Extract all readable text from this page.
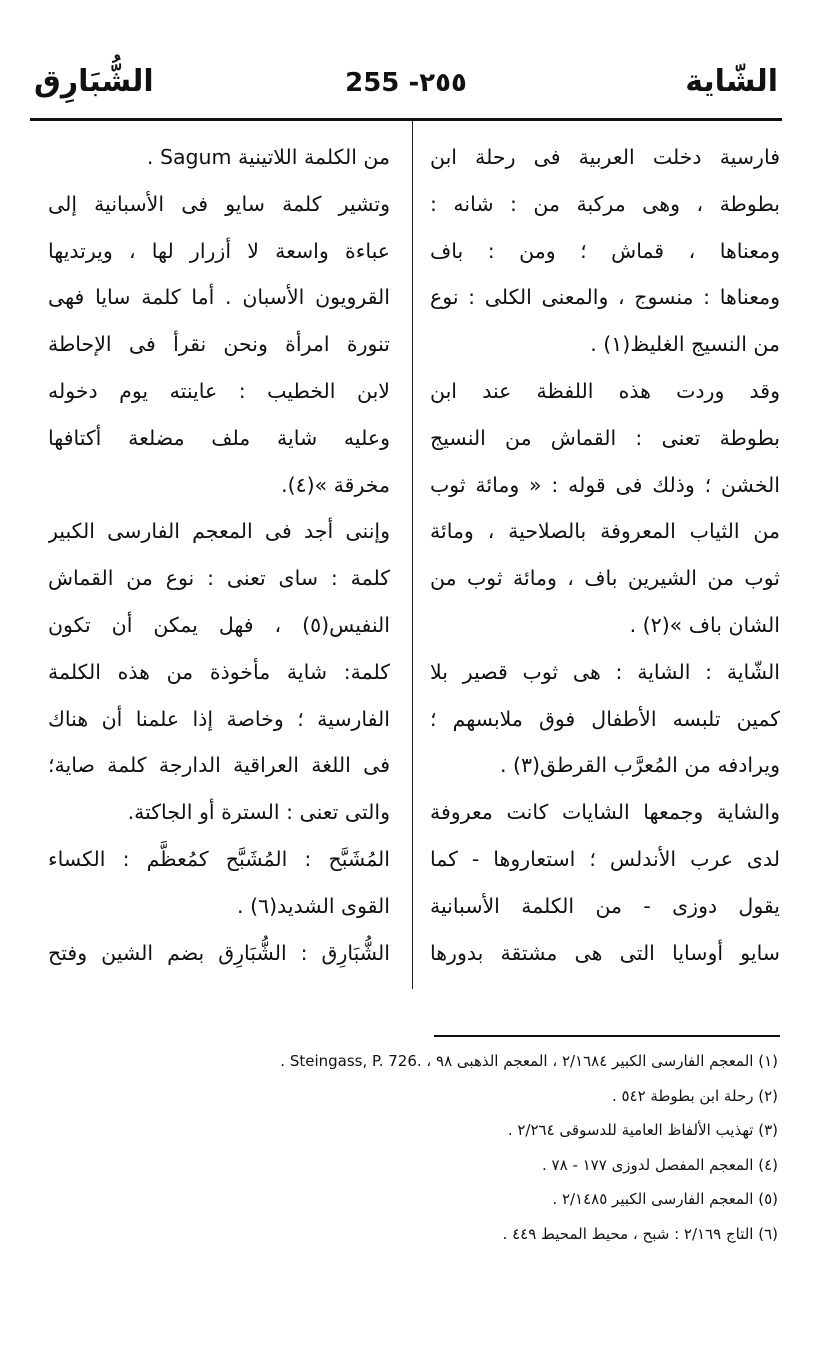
الشّاية
255 -٢٥٥
الشُّبَارِق
فارسية دخلت العربية فى رحلة ابن
بطوطة ، وهى مركبة من : شانه :
ومعناها ، قماش ؛ ومن : باف
ومعناها : منسوج ، والمعنى الكلى : نوع
من النسيج الغليظ(١) .
وقد وردت هذه اللفظة عند ابن
بطوطة تعنى : القماش من النسيج
الخشن ؛ وذلك فى قوله : « ومائة ثوب
من الثياب المعروفة بالصلاحية ، ومائة
ثوب من الشيرين باف ، ومائة ثوب من
الشان باف »(٢) .
الشّاية : الشاية : هى ثوب قصير بلا
كمين تلبسه الأطفال فوق ملابسهم ؛
ويرادفه من المُعرَّب القرطق(٣) .
والشاية وجمعها الشايات كانت معروفة
لدى عرب الأندلس ؛ استعاروها - كما
يقول دوزى - من الكلمة الأسبانية
سايو أوسايا التى هى مشتقة بدورها
من الكلمة اللاتينية Sagum .
وتشير كلمة سايو فى الأسبانية إلى
عباءة واسعة لا أزرار لها ، ويرتديها
القرويون الأسبان . أما كلمة سايا فهى
تنورة امرأة ونحن نقرأ فى الإحاطة
لابن الخطيب : عاينته يوم دخوله
وعليه شاية ملف مضلعة أكتافها
مخرقة »(٤).
وإننى أجد فى المعجم الفارسى الكبير
كلمة : ساى تعنى : نوع من القماش
النفيس(٥) ، فهل يمكن أن تكون
كلمة: شاية مأخوذة من هذه الكلمة
الفارسية ؛ وخاصة إذا علمنا أن هناك
فى اللغة العراقية الدارجة كلمة صاية؛
والتى تعنى : السترة أو الجاكتة.
المُشَبَّح : المُشَبَّح كمُعظَّم : الكساء
القوى الشديد(٦) .
الشُّبَارِق : الشُّبَارِق بضم الشين وفتح
(١) المعجم الفارسى الكبير ٢/١٦٨٤ ، المعجم الذهبى ٩٨ ، .Steingass, P. 726 .
(٢) رحلة ابن بطوطة ٥٤٢ .
(٣) تهذيب الألفاظ العامية للدسوقى ٢/٢٦٤ .
(٤) المعجم المفصل لدوزى ١٧٧ - ٧٨ .
(٥) المعجم الفارسى الكبير ٢/١٤٨٥ .
(٦) التاج ٢/١٦٩ : شبح ، محيط المحيط ٤٤٩ .
